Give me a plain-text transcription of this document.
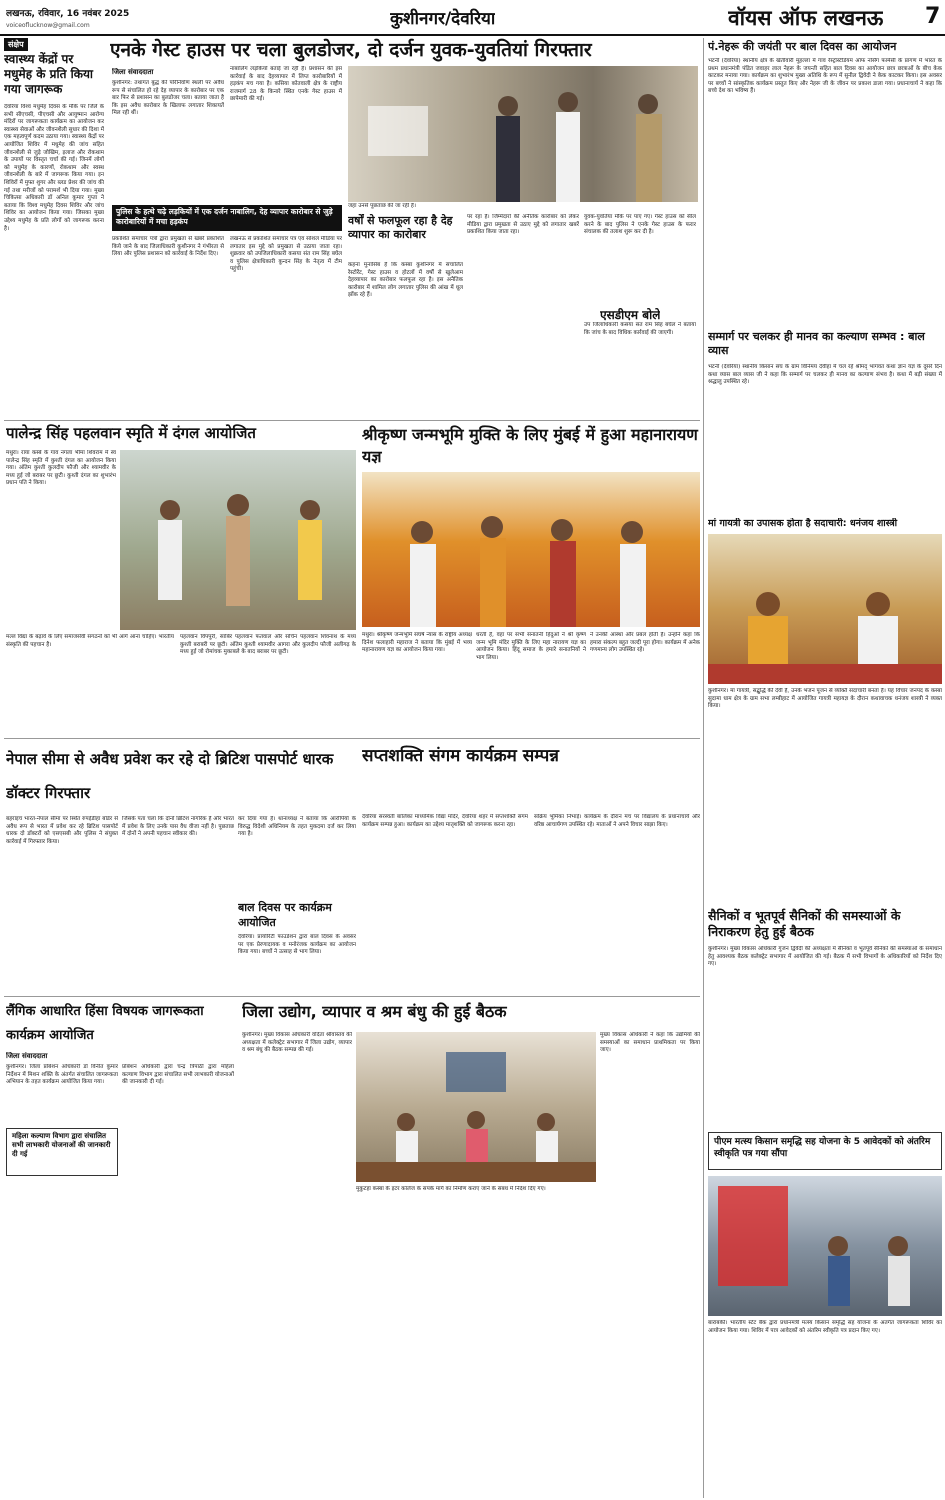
लखनऊ, रविवार, 16 नवंबर 2025
voiceoflucknow@gmail.com	कुशीनगर/देवरिया	वॉयस ऑफ लखनऊ 7
संक्षेप
स्वास्थ्य केंद्रों पर मधुमेह के प्रति किया गया जागरूक
देवरिया विश्व मधुमेह दिवस के मौके पर जिले के सभी सीएचसी, पीएचसी और आयुष्मान आरोग्य मंदिरों पर जागरूकता कार्यक्रम का आयोजन कर स्वास्थ्य सेवाओं और जीवनशैली सुधार की दिशा में एक महत्वपूर्ण कदम उठाया गया। स्वास्थ्य केंद्रों पर आयोजित शिविर में मधुमेह की जांच सहित जीवनशैली से जुड़े जोखिम, इलाज और रोकथाम के उपायों पर विस्तृत चर्चा की गई। जिनमें लोगों को मधुमेह के कारणों, रोकथाम और स्वस्थ जीवनशैली के बारे में जागरूक किया गया। इन शिविरों में मुफ्त शुगर और ब्लड प्रेशर की जांच की गई तथा मरीजों को परामर्श भी दिया गया। मुख्य चिकित्सा अधिकारी डॉ अनिल कुमार गुप्ता ने बताया कि विश्व मधुमेह दिवस शिविर और जांच शिविर का आयोजन किया गया। जिसका मुख्य उद्देश्य मधुमेह के प्रति लोगों को जागरूक करना है।
एनके गेस्ट हाउस पर चला बुलडोजर, दो दर्जन युवक-युवतियां गिरफ्तार
जिला संवाददाता
कुशीनगर: तथागत बुद्ध की परिनिर्वाण स्थली पर अवैध रूप से संचालित हो रहे देह व्यापार के कारोबार पर एक बार फिर से प्रशासन का बुलडोजर चला। बताया जाता है कि इस अवैध कारोबार के खिलाफ लगातार शिकायतें मिल रही थीं।
नाबालिग लड़कियों बताई जा रही है। प्रशासन की इस कार्रवाई के बाद देहव्यापार में लिप्त कारोबारियों में हड़कंप मच गया है। कसिया कोतवाली क्षेत्र के राष्ट्रीय राजमार्ग 28 के किनारे स्थित एनके गेस्ट हाउस में छापेमारी की गई।
पुलिस के हत्थे चढ़े लड़कियों में एक दर्जन नाबालिग, देह व्यापार कारोबार से जुड़े कारोबारियों में मचा हड़कंप
प्रकाशित समाचार पत्रों द्वारा प्रमुखता से खबरें प्रकाशित किये जाने के बाद जिलाधिकारी कुशीनगर ने गंभीरता से लिया और पुलिस प्रशासन को कार्रवाई के निर्देश दिए।
लखनऊ से प्रकाशित समाचार पत्र एवं सोशल मीडिया पर लगातार इस मुद्दे को प्रमुखता से उठाया जाता रहा। शुक्रवार को उपजिलाधिकारी कसया संत राम सिंह बघेल व पुलिस क्षेत्राधिकारी कुन्दन सिंह के नेतृत्व में टीम पहुंची।
जहां उनसे पूछताछ की जा रही है।
वर्षों से फलफूल रहा है देह व्यापार का कारोबार
कहना मुनासिब है कि कस्बा कुशीनगर में संचालित रेस्टोरेंट, गेस्ट हाउस व होटलों में वर्षों से खुलेआम देहव्यापार का कारोबार फलफूल रहा है। इस अनैतिक कारोबार में शामिल लोग लगातार पुलिस की आंख में धूल झोंक रहे हैं।
पर रहा है। जिम्मेदारों की अनैतिक कारोबार को लेकर मीडिया द्वारा प्रमुखता से उठाए मुद्दे को लगातार खबरें प्रकाशित किया जाता रहा।
युवक-युवतियां मौके पर पाए गए। गेस्ट हाउस को सील करने के बाद पुलिस ने एनके गेस्ट हाउस के फरार संचालक की तलाश शुरू कर दी है।
एसडीएम बोले
उप जिलाधिकारी कसया संत राम सिंह बघेल ने बताया कि जांच के बाद विधिक कार्रवाई की जाएगी।
पं.नेहरू की जयंती पर बाल दिवस का आयोजन
भटनी (देवरिया) स्थानीय क्षेत्र के खेतीवारी मुहल्ला में गांव रेस्ट्रोस्टेडियम ऑफ नर्सिंग फार्मेसी के प्रांगण में भारत के प्रथम प्रधानमंत्री पंडित जवाहर लाल नेहरू के जयन्ती सहित बाल दिवस का आयोजन छात्र छात्राओं के बीच केक काटकर मनाया गया। कार्यक्रम का शुभारंभ मुख्य अतिथि के रूप में सुनील द्विवेदी ने केक काटकर किया। इस अवसर पर बच्चों ने सांस्कृतिक कार्यक्रम प्रस्तुत किए और नेहरू जी के जीवन पर प्रकाश डाला गया। प्रधानाचार्य ने कहा कि बच्चे देश का भविष्य हैं।
सम्मार्ग पर चलकर ही मानव का कल्याण सम्भव : बाल व्यास
भटनी (देवरिया) स्थानीय किसान संघ के ग्राम विनिमय देवीहा में चल रहे श्रीमद् भागवत कथा ज्ञान यज्ञ के दूसरे दिन कथा व्यास बाल व्यास जी ने कहा कि सम्मार्ग पर चलकर ही मानव का कल्याण संभव है। कथा में बड़ी संख्या में श्रद्धालु उपस्थित रहे।
मां गायत्री का उपासक होता है सदाचारी: धनंजय शास्त्री
कुशीनगर। मां गायत्री, सद्बुद्धि की देवी है, उनके भजन पूजन से व्यक्ति सदाचारी बनता है। यह विचार जनपद के कस्बा सुदामा धाम क्षेत्र के ग्राम सभा लम्बीहाट में आयोजित गायत्री महायज्ञ के दौरान कथावाचक धनंजय शास्त्री ने व्यक्त किया।
सैनिकों व भूतपूर्व सैनिकों की समस्याओं के निराकरण हेतु हुई बैठक
कुशीनगर। मुख्य विकास अधिकारी गुंजन द्विवेदी की अध्यक्षता में सैनिकों व भूतपूर्व सैनिकों की समस्याओं के समाधान हेतु आवश्यक बैठक कलेक्ट्रेट सभागार में आयोजित की गई। बैठक में सभी विभागों के अधिकारियों को निर्देश दिए गए।
पीएम मत्स्य किसान समृद्धि सह योजना के 5 आवेदकों को अंतरिम स्वीकृति पत्र गया सौंपा
बाराबंकी। भारतीय स्टेट बैंक द्वारा प्रधानमंत्री मत्स्य किसान समृद्धि सह योजना के अंतर्गत जागरूकता शिविर का आयोजन किया गया। शिविर में पात्र आवेदकों को अंतरिम स्वीकृति पत्र प्रदान किए गए।
पालेन्द्र सिंह पहलवान स्मृति में दंगल आयोजित
मथुरा। राया कस्बे के गांव नगला भीमा शिवराम में स्व पालेन्द्र सिंह स्मृति में कुश्ती दंगल का आयोजन किया गया। अंतिम कुश्ती कुलदीप फौजी और श्यामवीर के मध्य हुई जो बराबर पर छूटी। कुश्ती दंगल का शुभारंभ प्रधान पति ने किया।
मल्ल विद्या के बढ़ावे के लिए समाजसेवी संगठनों को भी आगे आना चाहिए। भारतीय संस्कृति की पहचान है।
पहलवान विपपुरी, साबिर पहलवान फतवाल और सचिन पहलवान शिवनाथ के मध्य कुश्ती बराबरी पर छूटी। अंतिम कुश्ती श्यामवीर आगरा और कुलदीप फौजी अलीगढ़ के मध्य हुई जो रोमांचक मुकाबले के बाद बराबर पर छूटी।
श्रीकृष्ण जन्मभूमि मुक्ति के लिए मुंबई में हुआ महानारायण यज्ञ
मथुरा। श्रीकृष्ण जन्मभूमि संघर्ष न्यास के राष्ट्रीय अध्यक्ष दिनेश फलाहारी महाराज ने बताया कि मुंबई में भव्य महानारायण यज्ञ का आयोजन किया गया।
धरती है, वहां पर सभी सनातनी हिंदुओं ने श्री कृष्ण जन्म भूमि मंदिर मुक्ति के लिए महा नारायण यज्ञ का आयोजन किया। हिंदू समाज के हमारे सनातनियों ने भाग लिया।
ने उनकी आस्था और प्रबल होती है। उन्होंने कहा कि हमारा संकल्प बहुत जल्दी पूरा होगा। कार्यक्रम में अनेक गणमान्य लोग उपस्थित रहे।
नेपाल सीमा से अवैध प्रवेश कर रहे दो ब्रिटिश पासपोर्ट धारक डॉक्टर गिरफ्तार
बहराइच भारत-नेपाल सीमा पर स्थित रुपईडीहा बॉर्डर से अवैध रूप से भारत में प्रवेश कर रहे ब्रिटिश पासपोर्ट धारक दो डॉक्टरों को एसएसबी और पुलिस ने संयुक्त कार्रवाई में गिरफ्तार किया।
जिसके पता चला कि दोनों ब्रिटिश नागरिक हैं और भारत में प्रवेश के लिए उनके पास वैध वीजा नहीं है। पूछताछ में दोनों ने अपनी पहचान स्वीकार की।
कर दिया गया है। थानाध्यक्ष ने बताया कि आरोपियों के विरुद्ध विदेशी अधिनियम के तहत मुकदमा दर्ज कर लिया गया है।
बाल दिवस पर कार्यक्रम आयोजित
देवरिया। प्रायोरिटी फाउंडेशन द्वारा बाल दिवस के अवसर पर एक प्रेरणादायक व मनोरंजक कार्यक्रम का आयोजन किया गया। बच्चों ने उत्साह से भाग लिया।
सप्तशक्ति संगम कार्यक्रम सम्पन्न
देवरिया सरस्वती बालिका माध्यमिक विद्या मंदिर, देवरिया शहर में सप्तशक्ति संगम कार्यक्रम सम्पन्न हुआ। कार्यक्रम का उद्देश्य मातृशक्ति को जागरूक करना रहा।
सक्रिय भूमिका निभाई। कार्यक्रम के दौरान मंच पर विद्यालय के प्रधानाचार्य और वरिष्ठ आचार्यगण उपस्थित रहे। माताओं ने अपने विचार साझा किए।
लैंगिक आधारित हिंसा विषयक जागरूकता कार्यक्रम आयोजित
जिला संवाददाता
कुशीनगर। जिला प्रोबेशन अधिकारी डॉ विनीत कुमार निर्देशन में मिशन शक्ति के अंतर्गत संचालित जागरूकता अभियान के तहत कार्यक्रम आयोजित किया गया।
महिला कल्याण विभाग द्वारा संचालित सभी लाभकारी योजनाओं की जानकारी दी गई
प्रोबेशन अधिकारी द्वारा चन्द्र त्रिपाठी द्वारा महिला कल्याण विभाग द्वारा संचालित सभी लाभकारी योजनाओं की जानकारी दी गई।
जिला उद्योग, व्यापार व श्रम बंधु की हुई बैठक
कुशीनगर। मुख्य विकास अधिकारी वंदिता श्रीवास्तव की अध्यक्षता में कलेक्ट्रेट सभागार में जिला उद्योग, व्यापार व श्रम बंधु की बैठक सम्पन्न की गई।
मुख्य विकास अधिकारी ने कहा कि उद्यमियों की समस्याओं का समाधान प्राथमिकता पर किया जाए।
मुकुटहा कस्बा के इंटर कॉलेज के संपर्क मार्ग का निर्माण कराए जाने के संबंध में निर्देश दिए गए।
